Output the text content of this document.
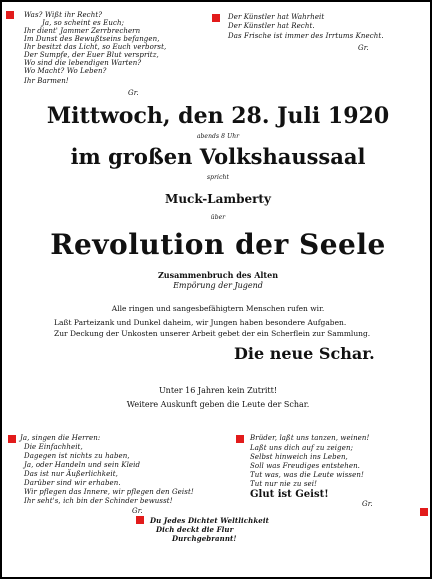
Was? Wißt ihr Recht?
Ja, so scheint es Euch;
Ihr dient' Jammer Zerrbrechern
Im Dunst des Bewußtseins befangen,
Ihr besitzt das Licht, so Euch verborst,
Der Sumpfe, der Euer Blut verspritz,
Wo sind die lebendigen Warten?
Wo Macht? Wo Leben?
Ihr Barmen!
Gr.
Der Künstler hat Wahrheit
Der Künstler hat Recht.
Das Frische ist immer des Irrtums Knecht.
Gr.
Mittwoch, den 28. Juli 1920
abends 8 Uhr
im großen Volkshaussaal
spricht
Muck-Lamberty
über
Revolution der Seele
Zusammenbruch des Alten
Empörung der Jugend
Alle ringen und sangesbefähigtern Menschen rufen wir.
Laßt Parteizank und Dunkel daheim, wir Jungen haben besondere Aufgaben.
Zur Deckung der Unkosten unserer Arbeit gebet der ein Scherflein zur Sammlung.
Die neue Schar.
Unter 16 Jahren kein Zutritt!
Weitere Auskunft geben die Leute der Schar.
Ja, singen die Herren:
Die Einfachheit,
Dagegen ist nichts zu haben,
Ja, oder Handeln und sein Kleid
Das ist nur Äußerlichkeit,
Darüber sind wir erhaben.
Wir pflegen das Innere, wir pflegen den Geist!
Ihr seht's, ich bin der Schinder bewusst!
Gr.
Brüder, laßt uns tanzen, weinen!
Laßt uns dich auf zu zeigen;
Selbst hinweich ins Leben,
Soll was Freudiges entstehen.
Tut was, was die Leute wissen!
Tut nur nie zu sei!
Glut ist Geist!
Gr.
Du Jedes Dichtet Weltlichkeit
Dich deckt die Flur
Durchgebrannt!
